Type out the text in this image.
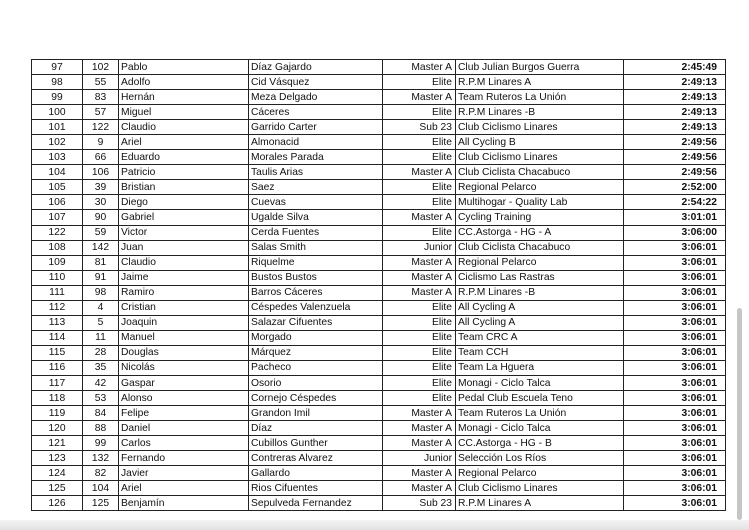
97	102	Pablo	Díaz Gajardo	Master A	Club Julian Burgos Guerra	2:45:49
98	55	Adolfo	Cid Vásquez	Elite	R.P.M Linares A	2:49:13
99	83	Hernán	Meza Delgado	Master A	Team Ruteros La Unión	2:49:13
100	57	Miguel	Cáceres	Elite	R.P.M Linares -B	2:49:13
101	122	Claudio	Garrido Carter	Sub 23	Club Ciclismo Linares	2:49:13
102	9	Ariel	Almonacid	Elite	All Cycling B	2:49:56
103	66	Eduardo	Morales Parada	Elite	Club Ciclismo Linares	2:49:56
104	106	Patricio	Taulis Arias	Master A	Club Ciclista Chacabuco	2:49:56
105	39	Bristian	Saez	Elite	Regional Pelarco	2:52:00
106	30	Diego	Cuevas	Elite	Multihogar - Quality Lab	2:54:22
107	90	Gabriel	Ugalde Silva	Master A	Cycling Training	3:01:01
122	59	Victor	Cerda Fuentes	Elite	CC.Astorga - HG - A	3:06:00
108	142	Juan	Salas Smith	Junior	Club Ciclista Chacabuco	3:06:01
109	81	Claudio	Riquelme	Master A	Regional Pelarco	3:06:01
110	91	Jaime	Bustos Bustos	Master A	Ciclismo Las Rastras	3:06:01
111	98	Ramiro	Barros Cáceres	Master A	R.P.M Linares -B	3:06:01
112	4	Cristian	Céspedes Valenzuela	Elite	All Cycling A	3:06:01
113	5	Joaquin	Salazar Cifuentes	Elite	All Cycling A	3:06:01
114	11	Manuel	Morgado	Elite	Team CRC A	3:06:01
115	28	Douglas	Márquez	Elite	Team CCH	3:06:01
116	35	Nicolás	Pacheco	Elite	Team La Hguera	3:06:01
117	42	Gaspar	Osorio	Elite	Monagi - Ciclo Talca	3:06:01
118	53	Alonso	Cornejo Céspedes	Elite	Pedal Club Escuela Teno	3:06:01
119	84	Felipe	Grandon Imil	Master A	Team Ruteros La Unión	3:06:01
120	88	Daniel	Díaz	Master A	Monagi - Ciclo Talca	3:06:01
121	99	Carlos	Cubillos Gunther	Master A	CC.Astorga - HG - B	3:06:01
123	132	Fernando	Contreras Alvarez	Junior	Selección Los Ríos	3:06:01
124	82	Javier	Gallardo	Master A	Regional Pelarco	3:06:01
125	104	Ariel	Rios Cifuentes	Master A	Club Ciclismo Linares	3:06:01
126	125	Benjamín	Sepulveda Fernandez	Sub 23	R.P.M Linares A	3:06:01
